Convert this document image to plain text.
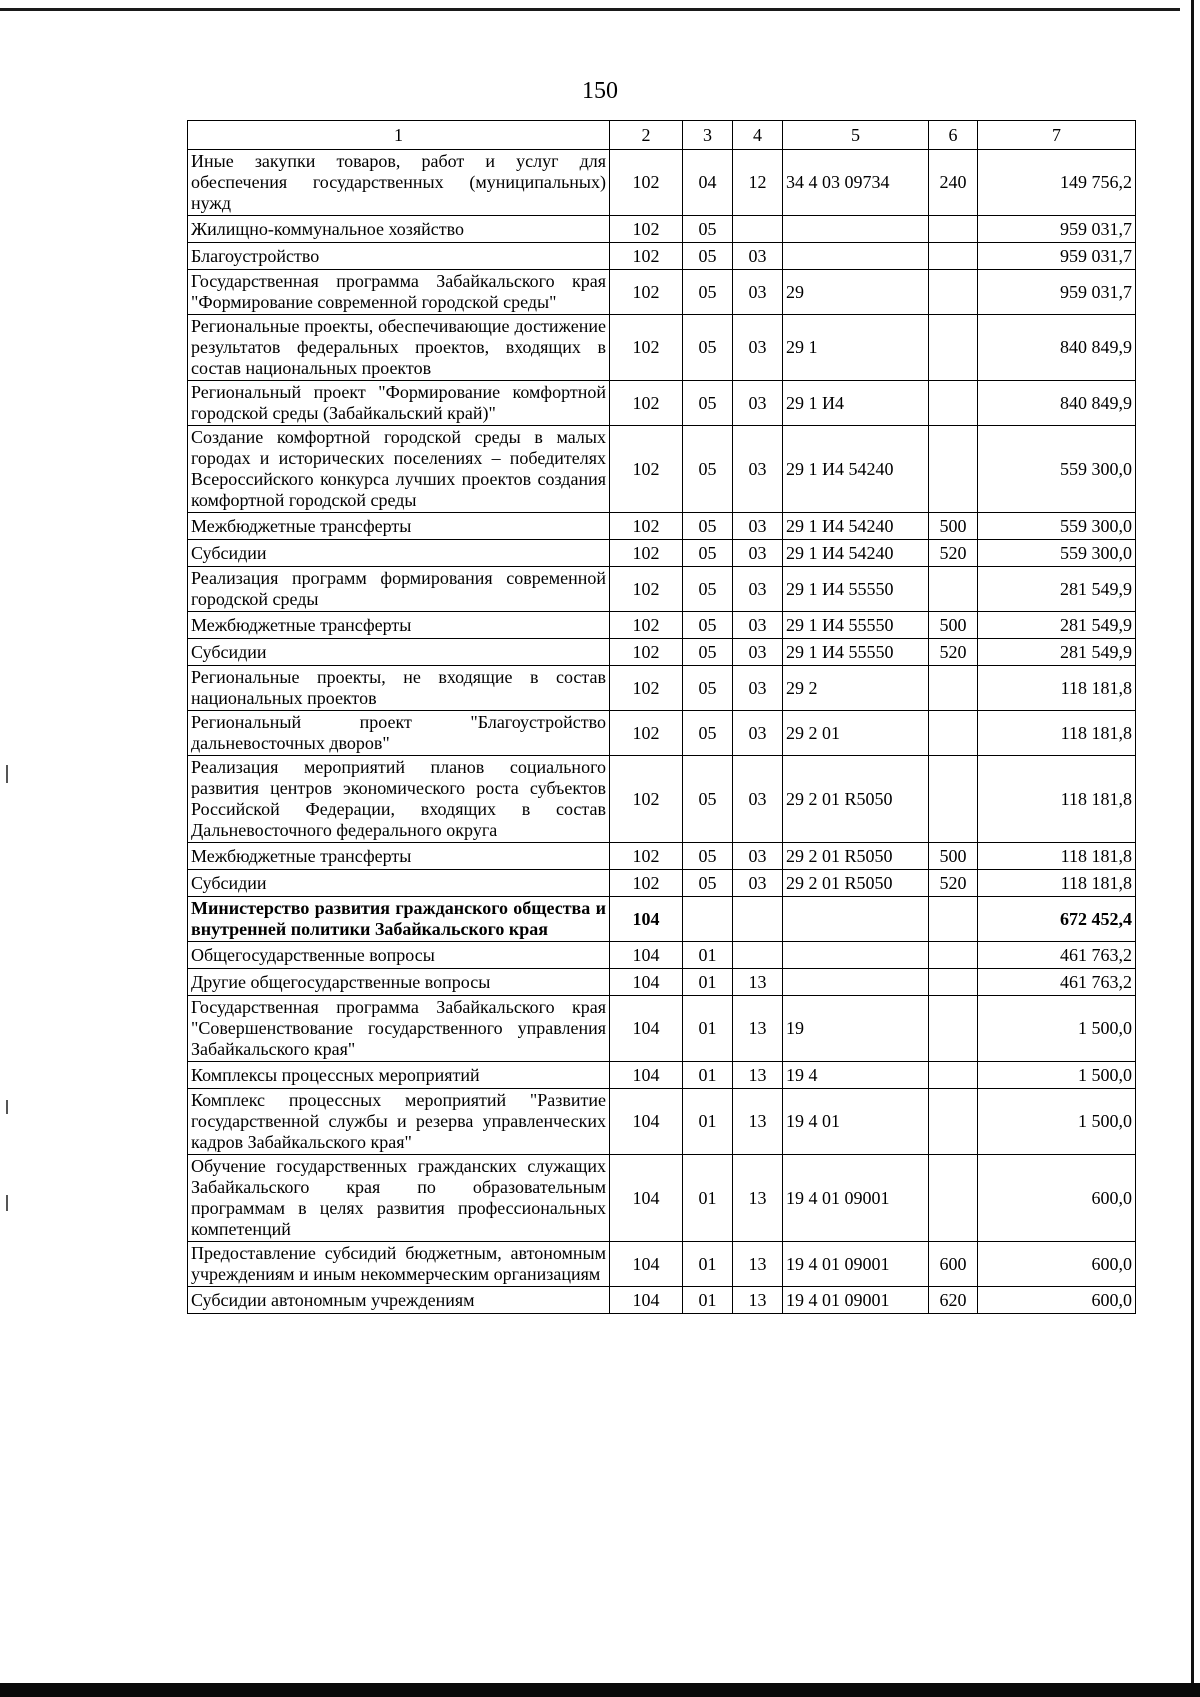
150
1	2	3	4	5	6	7
Иные закупки товаров, работ и услуг для обеспечения государственных (муниципальных) нужд	102	04	12	34 4 03 09734	240	149 756,2
Жилищно-коммунальное хозяйство	102	05				959 031,7
Благоустройство	102	05	03			959 031,7
Государственная программа Забайкальского края "Формирование современной городской среды"	102	05	03	29		959 031,7
Региональные проекты, обеспечивающие достижение результатов федеральных проектов, входящих в состав национальных проектов	102	05	03	29 1		840 849,9
Региональный проект "Формирование комфортной городской среды (Забайкальский край)"	102	05	03	29 1 И4		840 849,9
Создание комфортной городской среды в малых городах и исторических поселениях – победителях Всероссийского конкурса лучших проектов создания комфортной городской среды	102	05	03	29 1 И4 54240		559 300,0
Межбюджетные трансферты	102	05	03	29 1 И4 54240	500	559 300,0
Субсидии	102	05	03	29 1 И4 54240	520	559 300,0
Реализация программ формирования современной городской среды	102	05	03	29 1 И4 55550		281 549,9
Межбюджетные трансферты	102	05	03	29 1 И4 55550	500	281 549,9
Субсидии	102	05	03	29 1 И4 55550	520	281 549,9
Региональные проекты, не входящие в состав национальных проектов	102	05	03	29 2		118 181,8
Региональный проект "Благоустройство дальневосточных дворов"	102	05	03	29 2 01		118 181,8
Реализация мероприятий планов социального развития центров экономического роста субъектов Российской Федерации, входящих в состав Дальневосточного федерального округа	102	05	03	29 2 01 R5050		118 181,8
Межбюджетные трансферты	102	05	03	29 2 01 R5050	500	118 181,8
Субсидии	102	05	03	29 2 01 R5050	520	118 181,8
Министерство развития гражданского общества и внутренней политики Забайкальского края	104					672 452,4
Общегосударственные вопросы	104	01				461 763,2
Другие общегосударственные вопросы	104	01	13			461 763,2
Государственная программа Забайкальского края "Совершенствование государственного управления Забайкальского края"	104	01	13	19		1 500,0
Комплексы процессных мероприятий	104	01	13	19 4		1 500,0
Комплекс процессных мероприятий "Развитие государственной службы и резерва управленческих кадров Забайкальского края"	104	01	13	19 4 01		1 500,0
Обучение государственных гражданских служащих Забайкальского края по образовательным программам в целях развития профессиональных компетенций	104	01	13	19 4 01 09001		600,0
Предоставление субсидий бюджетным, автономным учреждениям и иным некоммерческим организациям	104	01	13	19 4 01 09001	600	600,0
Субсидии автономным учреждениям	104	01	13	19 4 01 09001	620	600,0
